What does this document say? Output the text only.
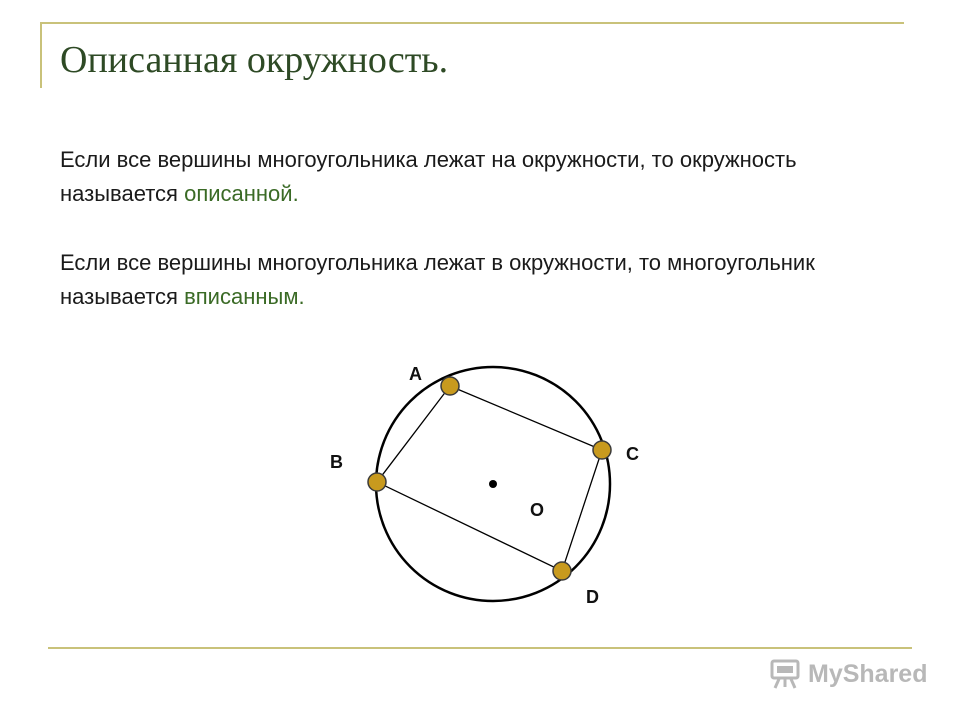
Описанная окружность.

Если все вершины многоугольника лежат на окружности, то окружность называется описанной.

Если все вершины многоугольника лежат в окружности, то многоугольник называется вписанным.

A
B	C
D
O
MyShared
